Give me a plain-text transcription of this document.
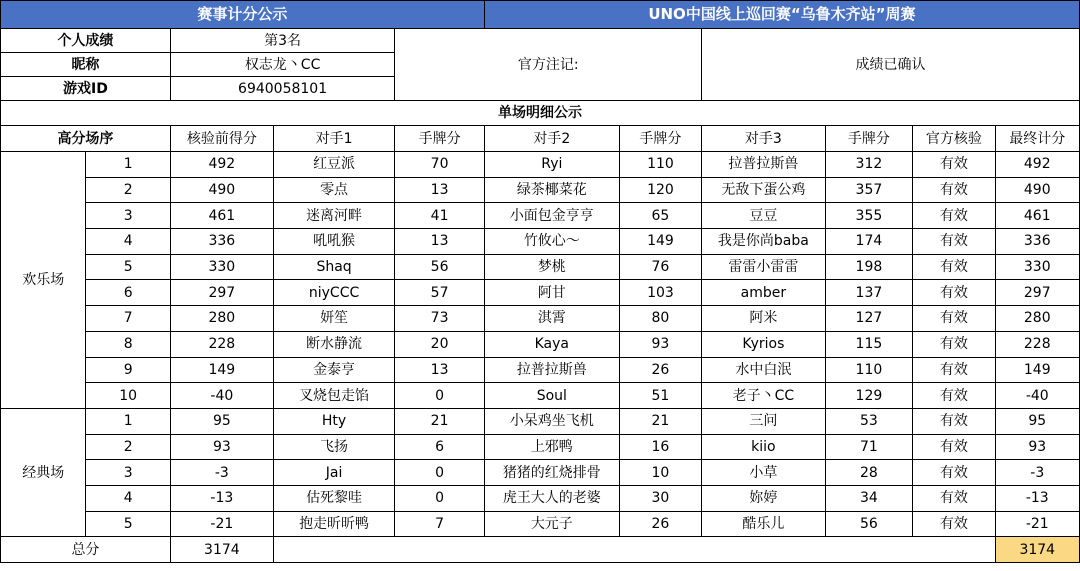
赛事计分公示					UNO中国线上巡回赛“乌鲁木齐站”周赛					
个人成绩		第3名		官方注记:			成绩已确认			
昵称		权志龙丶CC								
游戏ID		6940058101								
单场明细公示										
高分场序		核验前得分	对手1	手牌分	对手2	手牌分	对手3	手牌分	官方核验	最终计分
欢乐场	1	492	红豆派	70	Ryi	110	拉普拉斯兽	312	有效	492
	2	490	零点	13	绿茶椰菜花	120	无敌下蛋公鸡	357	有效	490
	3	461	迷离河畔	41	小面包金亨亨	65	豆豆	355	有效	461
	4	336	吼吼猴	13	竹攸心～	149	我是你尚baba	174	有效	336
	5	330	Shaq	56	梦桃	76	雷雷小雷雷	198	有效	330
	6	297	niyCCC	57	阿甘	103	amber	137	有效	297
	7	280	妍笙	73	淇霄	80	阿米	127	有效	280
	8	228	断水静流	20	Kaya	93	Kyrios	115	有效	228
	9	149	金泰亨	13	拉普拉斯兽	26	水中白泯	110	有效	149
	10	-40	叉烧包走馅	0	Soul	51	老子丶CC	129	有效	-40
经典场	1	95	Hty	21	小呆鸡坐飞机	21	三问	53	有效	95
	2	93	飞扬	6	上邪鸭	16	kiio	71	有效	93
	3	-3	Jai	0	猪猪的红烧排骨	10	小草	28	有效	-3
	4	-13	估死黎哇	0	虎王大人的老婆	30	妳婷	34	有效	-13
	5	-21	抱走昕昕鸭	7	大元子	26	酷乐儿	56	有效	-21
总分		3174								3174
